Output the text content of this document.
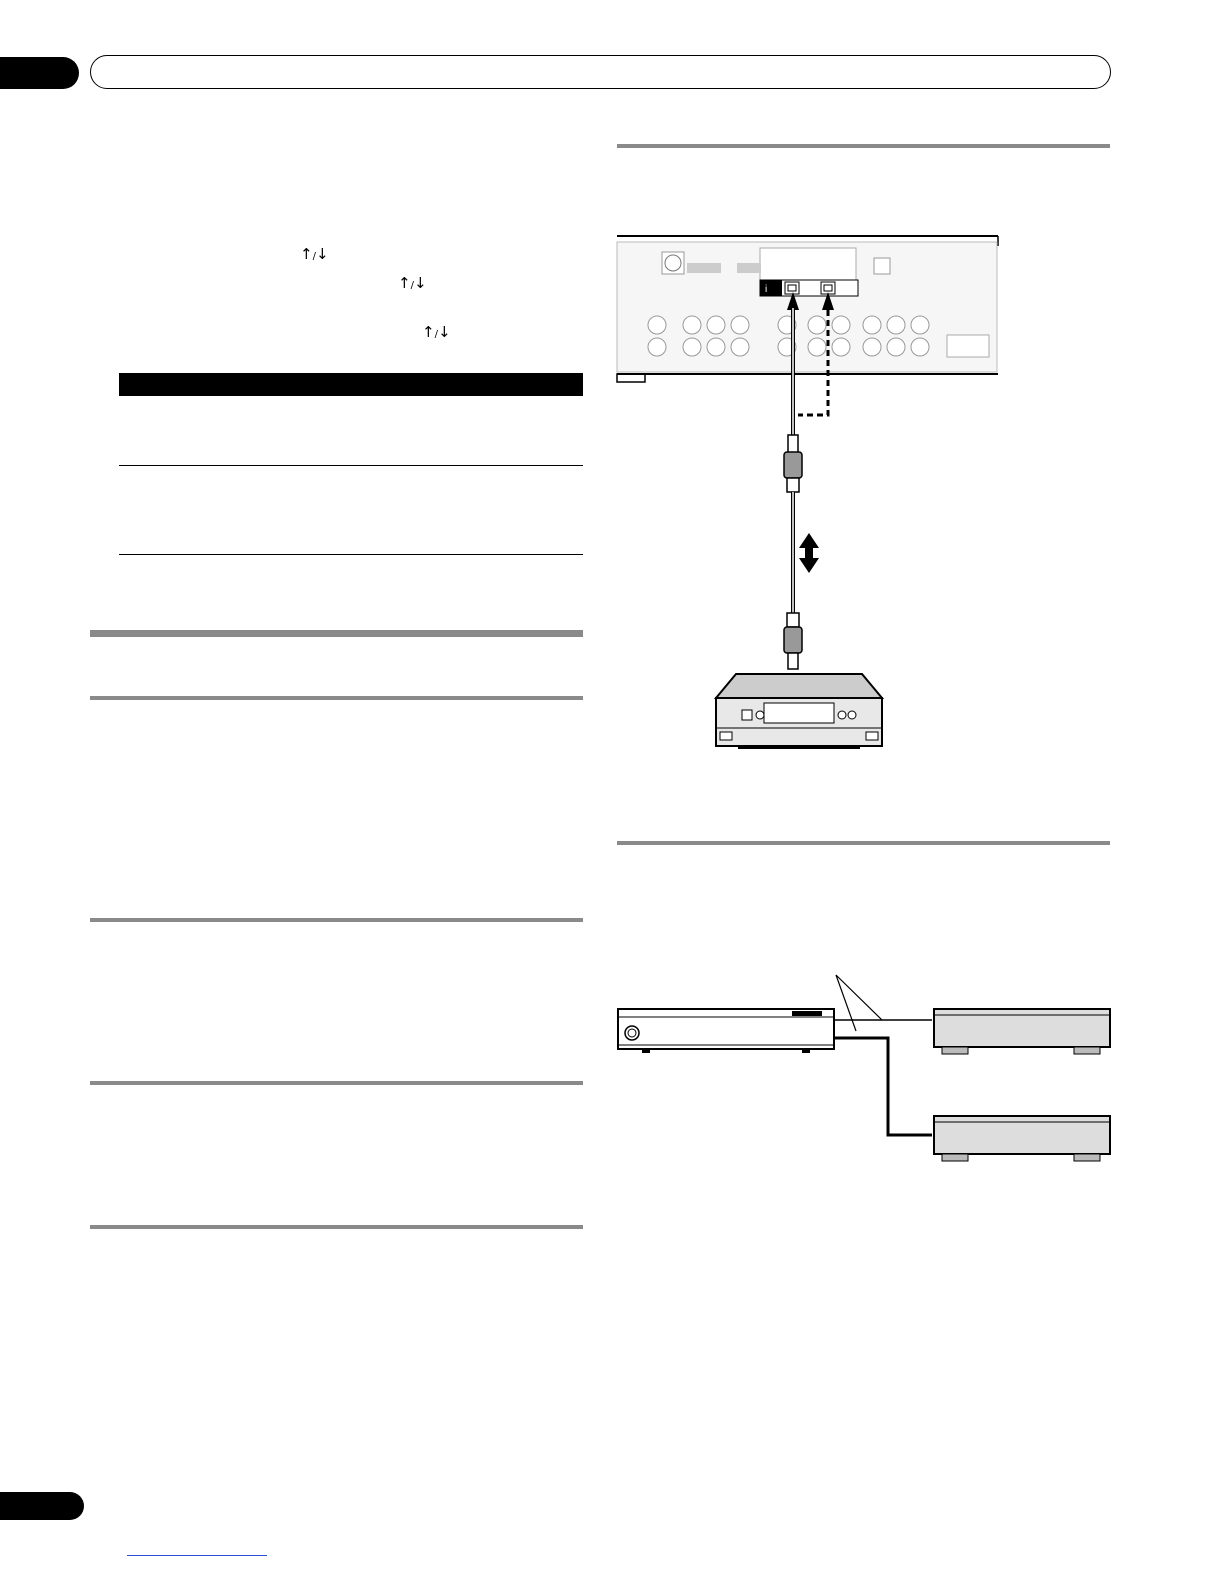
↑/↓
↑/↓
↑/↓
i
